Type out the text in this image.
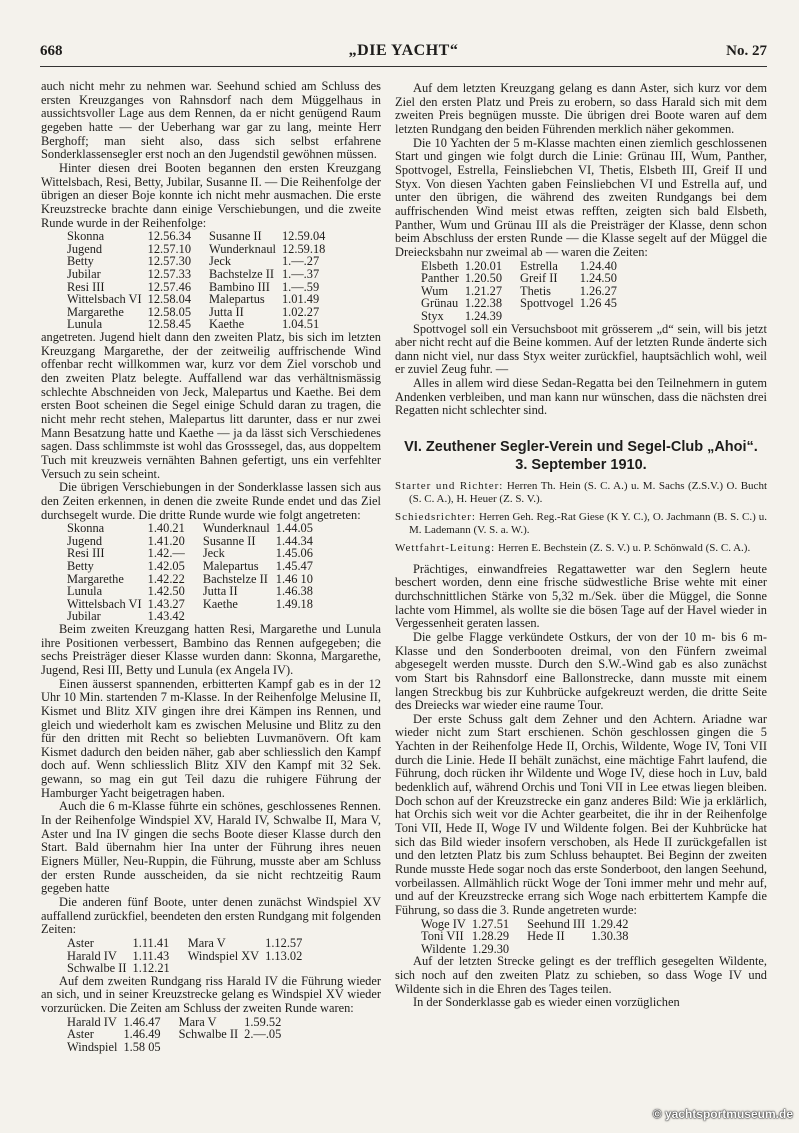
668	„DIE YACHT“	No. 27

auch nicht mehr zu nehmen war. Seehund schied am Schluss des ersten Kreuzganges von Rahnsdorf nach dem Müggelhaus in aussichtsvoller Lage aus dem Rennen, da er nicht genügend Raum gegeben hatte — der Ueberhang war gar zu lang, meinte Herr Berghoff; man sieht also, dass sich selbst erfahrene Sonderklassensegler erst noch an den Jugendstil gewöhnen müssen.

Hinter diesen drei Booten begannen den ersten Kreuzgang Wittelsbach, Resi, Betty, Jubilar, Susanne II. — Die Reihenfolge der übrigen an dieser Boje konnte ich nicht mehr ausmachen. Die erste Kreuzstrecke brachte dann einige Verschiebungen, und die zweite Runde wurde in der Reihenfolge:

Skonna	12.56.34	Susanne II	12.59.04
Jugend	12.57.10	Wunderknaul	12.59.18
Betty	12.57.30	Jeck	1.—.27
Jubilar	12.57.33	Bachstelze II	1.—.37
Resi III	12.57.46	Bambino III	1.—.59
Wittelsbach VI	12.58.04	Malepartus	1.01.49
Margarethe	12.58.05	Jutta II	1.02.27
Lunula	12.58.45	Kaethe	1.04.51

angetreten. Jugend hielt dann den zweiten Platz, bis sich im letzten Kreuzgang Margarethe, der der zeitweilig auffrischende Wind offenbar recht willkommen war, kurz vor dem Ziel vorschob und den zweiten Platz belegte. Auffallend war das verhältnismässig schlechte Abschneiden von Jeck, Malepartus und Kaethe. Bei dem ersten Boot scheinen die Segel einige Schuld daran zu tragen, die nicht mehr recht stehen, Malepartus litt darunter, dass er nur zwei Mann Besatzung hatte und Kaethe — ja da lässt sich Verschiedenes sagen. Dass schlimmste ist wohl das Grosssegel, das, aus doppeltem Tuch mit kreuzweis vernähten Bahnen gefertigt, uns ein verfehlter Versuch zu sein scheint.

Die übrigen Verschiebungen in der Sonderklasse lassen sich aus den Zeiten erkennen, in denen die zweite Runde endet und das Ziel durchsegelt wurde. Die dritte Runde wurde wie folgt angetreten:

Skonna	1.40.21	Wunderknaul	1.44.05
Jugend	1.41.20	Susanne II	1.44.34
Resi III	1.42.—	Jeck	1.45.06
Betty	1.42.05	Malepartus	1.45.47
Margarethe	1.42.22	Bachstelze II	1.46 10
Lunula	1.42.50	Jutta II	1.46.38
Wittelsbach VI	1.43.27	Kaethe	1.49.18
Jubilar	1.43.42		

Beim zweiten Kreuzgang hatten Resi, Margarethe und Lunula ihre Positionen verbessert, Bambino das Rennen aufgegeben; die sechs Preisträger dieser Klasse wurden dann: Skonna, Margarethe, Jugend, Resi III, Betty und Lunula (ex Angela IV).

Einen äusserst spannenden, erbitterten Kampf gab es in der 12 Uhr 10 Min. startenden 7 m-Klasse. In der Reihenfolge Melusine II, Kismet und Blitz XIV gingen ihre drei Kämpen ins Rennen, und gleich und wiederholt kam es zwischen Melusine und Blitz zu den für den dritten mit Recht so beliebten Luvmanövern. Oft kam Kismet dadurch den beiden näher, gab aber schliesslich den Kampf doch auf. Wenn schliesslich Blitz XIV den Kampf mit 32 Sek. gewann, so mag ein gut Teil dazu die ruhigere Führung der Hamburger Yacht beigetragen haben.

Auch die 6 m-Klasse führte ein schönes, geschlossenes Rennen. In der Reihenfolge Windspiel XV, Harald IV, Schwalbe II, Mara V, Aster und Ina IV gingen die sechs Boote dieser Klasse durch den Start. Bald übernahm hier Ina unter der Führung ihres neuen Eigners Müller, Neu-Ruppin, die Führung, musste aber am Schluss der ersten Runde ausscheiden, da sie nicht rechtzeitig Raum gegeben hatte

Die anderen fünf Boote, unter denen zunächst Windspiel XV auffallend zurückfiel, beendeten den ersten Rundgang mit folgenden Zeiten:

Aster	1.11.41	Mara V	1.12.57
Harald IV	1.11.43	Windspiel XV	1.13.02
Schwalbe II	1.12.21		

Auf dem zweiten Rundgang riss Harald IV die Führung wieder an sich, und in seiner Kreuzstrecke gelang es Windspiel XV wieder vorzurücken. Die Zeiten am Schluss der zweiten Runde waren:

Harald IV	1.46.47	Mara V	1.59.52
Aster	1.46.49	Schwalbe II	2.—.05
Windspiel	1.58 05		

Auf dem letzten Kreuzgang gelang es dann Aster, sich kurz vor dem Ziel den ersten Platz und Preis zu erobern, so dass Harald sich mit dem zweiten Preis begnügen musste. Die übrigen drei Boote waren auf dem letzten Rundgang den beiden Führenden merklich näher gekommen.

Die 10 Yachten der 5 m-Klasse machten einen ziemlich geschlossenen Start und gingen wie folgt durch die Linie: Grünau III, Wum, Panther, Spottvogel, Estrella, Feinsliebchen VI, Thetis, Elsbeth III, Greif II und Styx. Von diesen Yachten gaben Feinsliebchen VI und Estrella auf, und unter den übrigen, die während des zweiten Rundgangs bei dem auffrischenden Wind meist etwas refften, zeigten sich bald Elsbeth, Panther, Wum und Grünau III als die Preisträger der Klasse, denn schon beim Abschluss der ersten Runde — die Klasse segelt auf der Müggel die Dreiecksbahn nur zweimal ab — waren die Zeiten:

Elsbeth	1.20.01	Estrella	1.24.40
Panther	1.20.50	Greif II	1.24.50
Wum	1.21.27	Thetis	1.26.27
Grünau	1.22.38	Spottvogel	1.26 45
Styx	1.24.39		

Spottvogel soll ein Versuchsboot mit grösserem „d“ sein, will bis jetzt aber nicht recht auf die Beine kommen. Auf der letzten Runde änderte sich dann nicht viel, nur dass Styx weiter zurückfiel, hauptsächlich wohl, weil er zuviel Zeug fuhr. —

Alles in allem wird diese Sedan-Regatta bei den Teilnehmern in gutem Andenken verbleiben, und man kann nur wünschen, dass die nächsten drei Regatten nicht schlechter sind.

VI. Zeuthener Segler-Verein und Segel-Club „Ahoi“.
3. September 1910.
Starter und Richter: Herren Th. Hein (S. C. A.) u. M. Sachs (Z.S.V.) O. Bucht (S. C. A.), H. Heuer (Z. S. V.).
Schiedsrichter: Herren Geh. Reg.-Rat Giese (K Y. C.), O. Jachmann (B. S. C.) u. M. Lademann (V. S. a. W.).
Wettfahrt-Leitung: Herren E. Bechstein (Z. S. V.) u. P. Schönwald (S. C. A.).

Prächtiges, einwandfreies Regattawetter war den Seglern heute beschert worden, denn eine frische südwestliche Brise wehte mit einer durchschnittlichen Stärke von 5,32 m./Sek. über die Müggel, die Sonne lachte vom Himmel, als wollte sie die bösen Tage auf der Havel wieder in Vergessenheit geraten lassen.

Die gelbe Flagge verkündete Ostkurs, der von der 10 m- bis 6 m-Klasse und den Sonderbooten dreimal, von den Fünfern zweimal abgesegelt werden musste. Durch den S.W.-Wind gab es also zunächst vom Start bis Rahnsdorf eine Ballonstrecke, dann musste mit einem langen Streckbug bis zur Kuhbrücke aufgekreuzt werden, die dritte Seite des Dreiecks war wieder eine raume Tour.

Der erste Schuss galt dem Zehner und den Achtern. Ariadne war wieder nicht zum Start erschienen. Schön geschlossen gingen die 5 Yachten in der Reihenfolge Hede II, Orchis, Wildente, Woge IV, Toni VII durch die Linie. Hede II behält zunächst, eine mächtige Fahrt laufend, die Führung, doch rücken ihr Wildente und Woge IV, diese hoch in Luv, bald bedenklich auf, während Orchis und Toni VII in Lee etwas liegen bleiben. Doch schon auf der Kreuzstrecke ein ganz anderes Bild: Wie ja erklärlich, hat Orchis sich weit vor die Achter gearbeitet, die ihr in der Reihenfolge Toni VII, Hede II, Woge IV und Wildente folgen. Bei der Kuhbrücke hat sich das Bild wieder insofern verschoben, als Hede II zurückgefallen ist und den letzten Platz bis zum Schluss behauptet. Bei Beginn der zweiten Runde musste Hede sogar noch das erste Sonderboot, den langen Seehund, vorbeilassen. Allmählich rückt Woge der Toni immer mehr und mehr auf, und auf der Kreuzstrecke errang sich Woge nach erbittertem Kampfe die Führung, so dass die 3. Runde angetreten wurde:

Woge IV	1.27.51	Seehund III	1.29.42
Toni VII	1.28.29	Hede II	1.30.38
Wildente	1.29.30		

Auf der letzten Strecke gelingt es der trefflich gesegelten Wildente, sich noch auf den zweiten Platz zu schieben, so dass Woge IV und Wildente sich in die Ehren des Tages teilen.

In der Sonderklasse gab es wieder einen vorzüglichen

© yachtsportmuseum.de
